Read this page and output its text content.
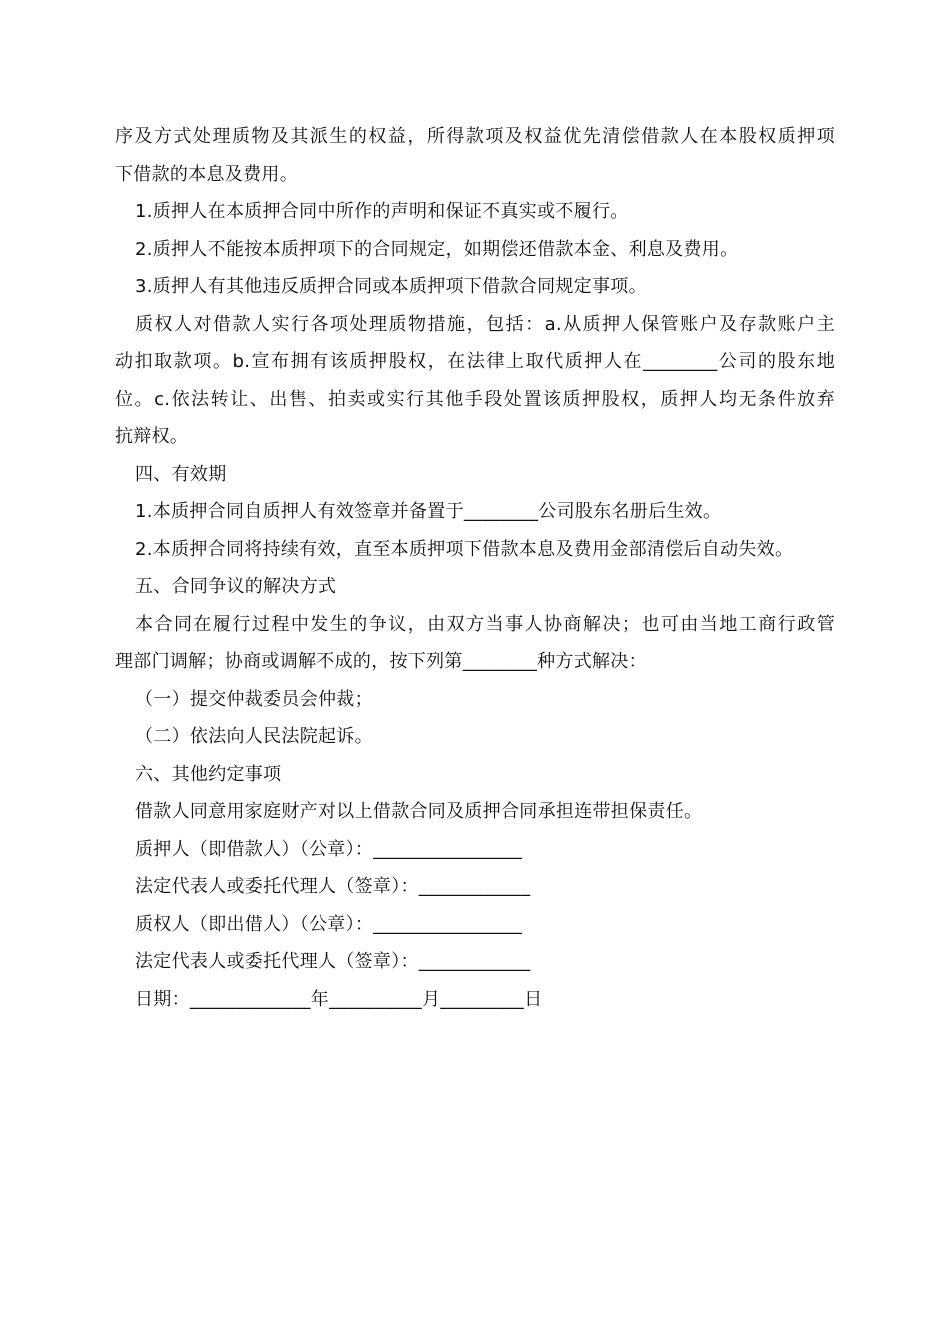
序及方式处理质物及其派生的权益，所得款项及权益优先清偿借款人在本股权质押项
下借款的本息及费用。
1.质押人在本质押合同中所作的声明和保证不真实或不履行。
2.质押人不能按本质押项下的合同规定，如期偿还借款本金、利息及费用。
3.质押人有其他违反质押合同或本质押项下借款合同规定事项。
质权人对借款人实行各项处理质物措施，包括：a.从质押人保管账户及存款账户主
动扣取款项。b.宣布拥有该质押股权，在法律上取代质押人在________公司的股东地
位。c.依法转让、出售、拍卖或实行其他手段处置该质押股权，质押人均无条件放弃
抗辩权。
四、有效期
1.本质押合同自质押人有效签章并备置于________公司股东名册后生效。
2.本质押合同将持续有效，直至本质押项下借款本息及费用金部清偿后自动失效。
五、合同争议的解决方式
本合同在履行过程中发生的争议，由双方当事人协商解决；也可由当地工商行政管
理部门调解；协商或调解不成的，按下列第________种方式解决：
（一）提交仲裁委员会仲裁；
（二）依法向人民法院起诉。
六、其他约定事项
借款人同意用家庭财产对以上借款合同及质押合同承担连带担保责任。
质押人（即借款人）（公章）：________________
法定代表人或委托代理人（签章）：____________
质权人（即出借人）（公章）：________________
法定代表人或委托代理人（签章）：____________
日期：_____________年__________月_________日
